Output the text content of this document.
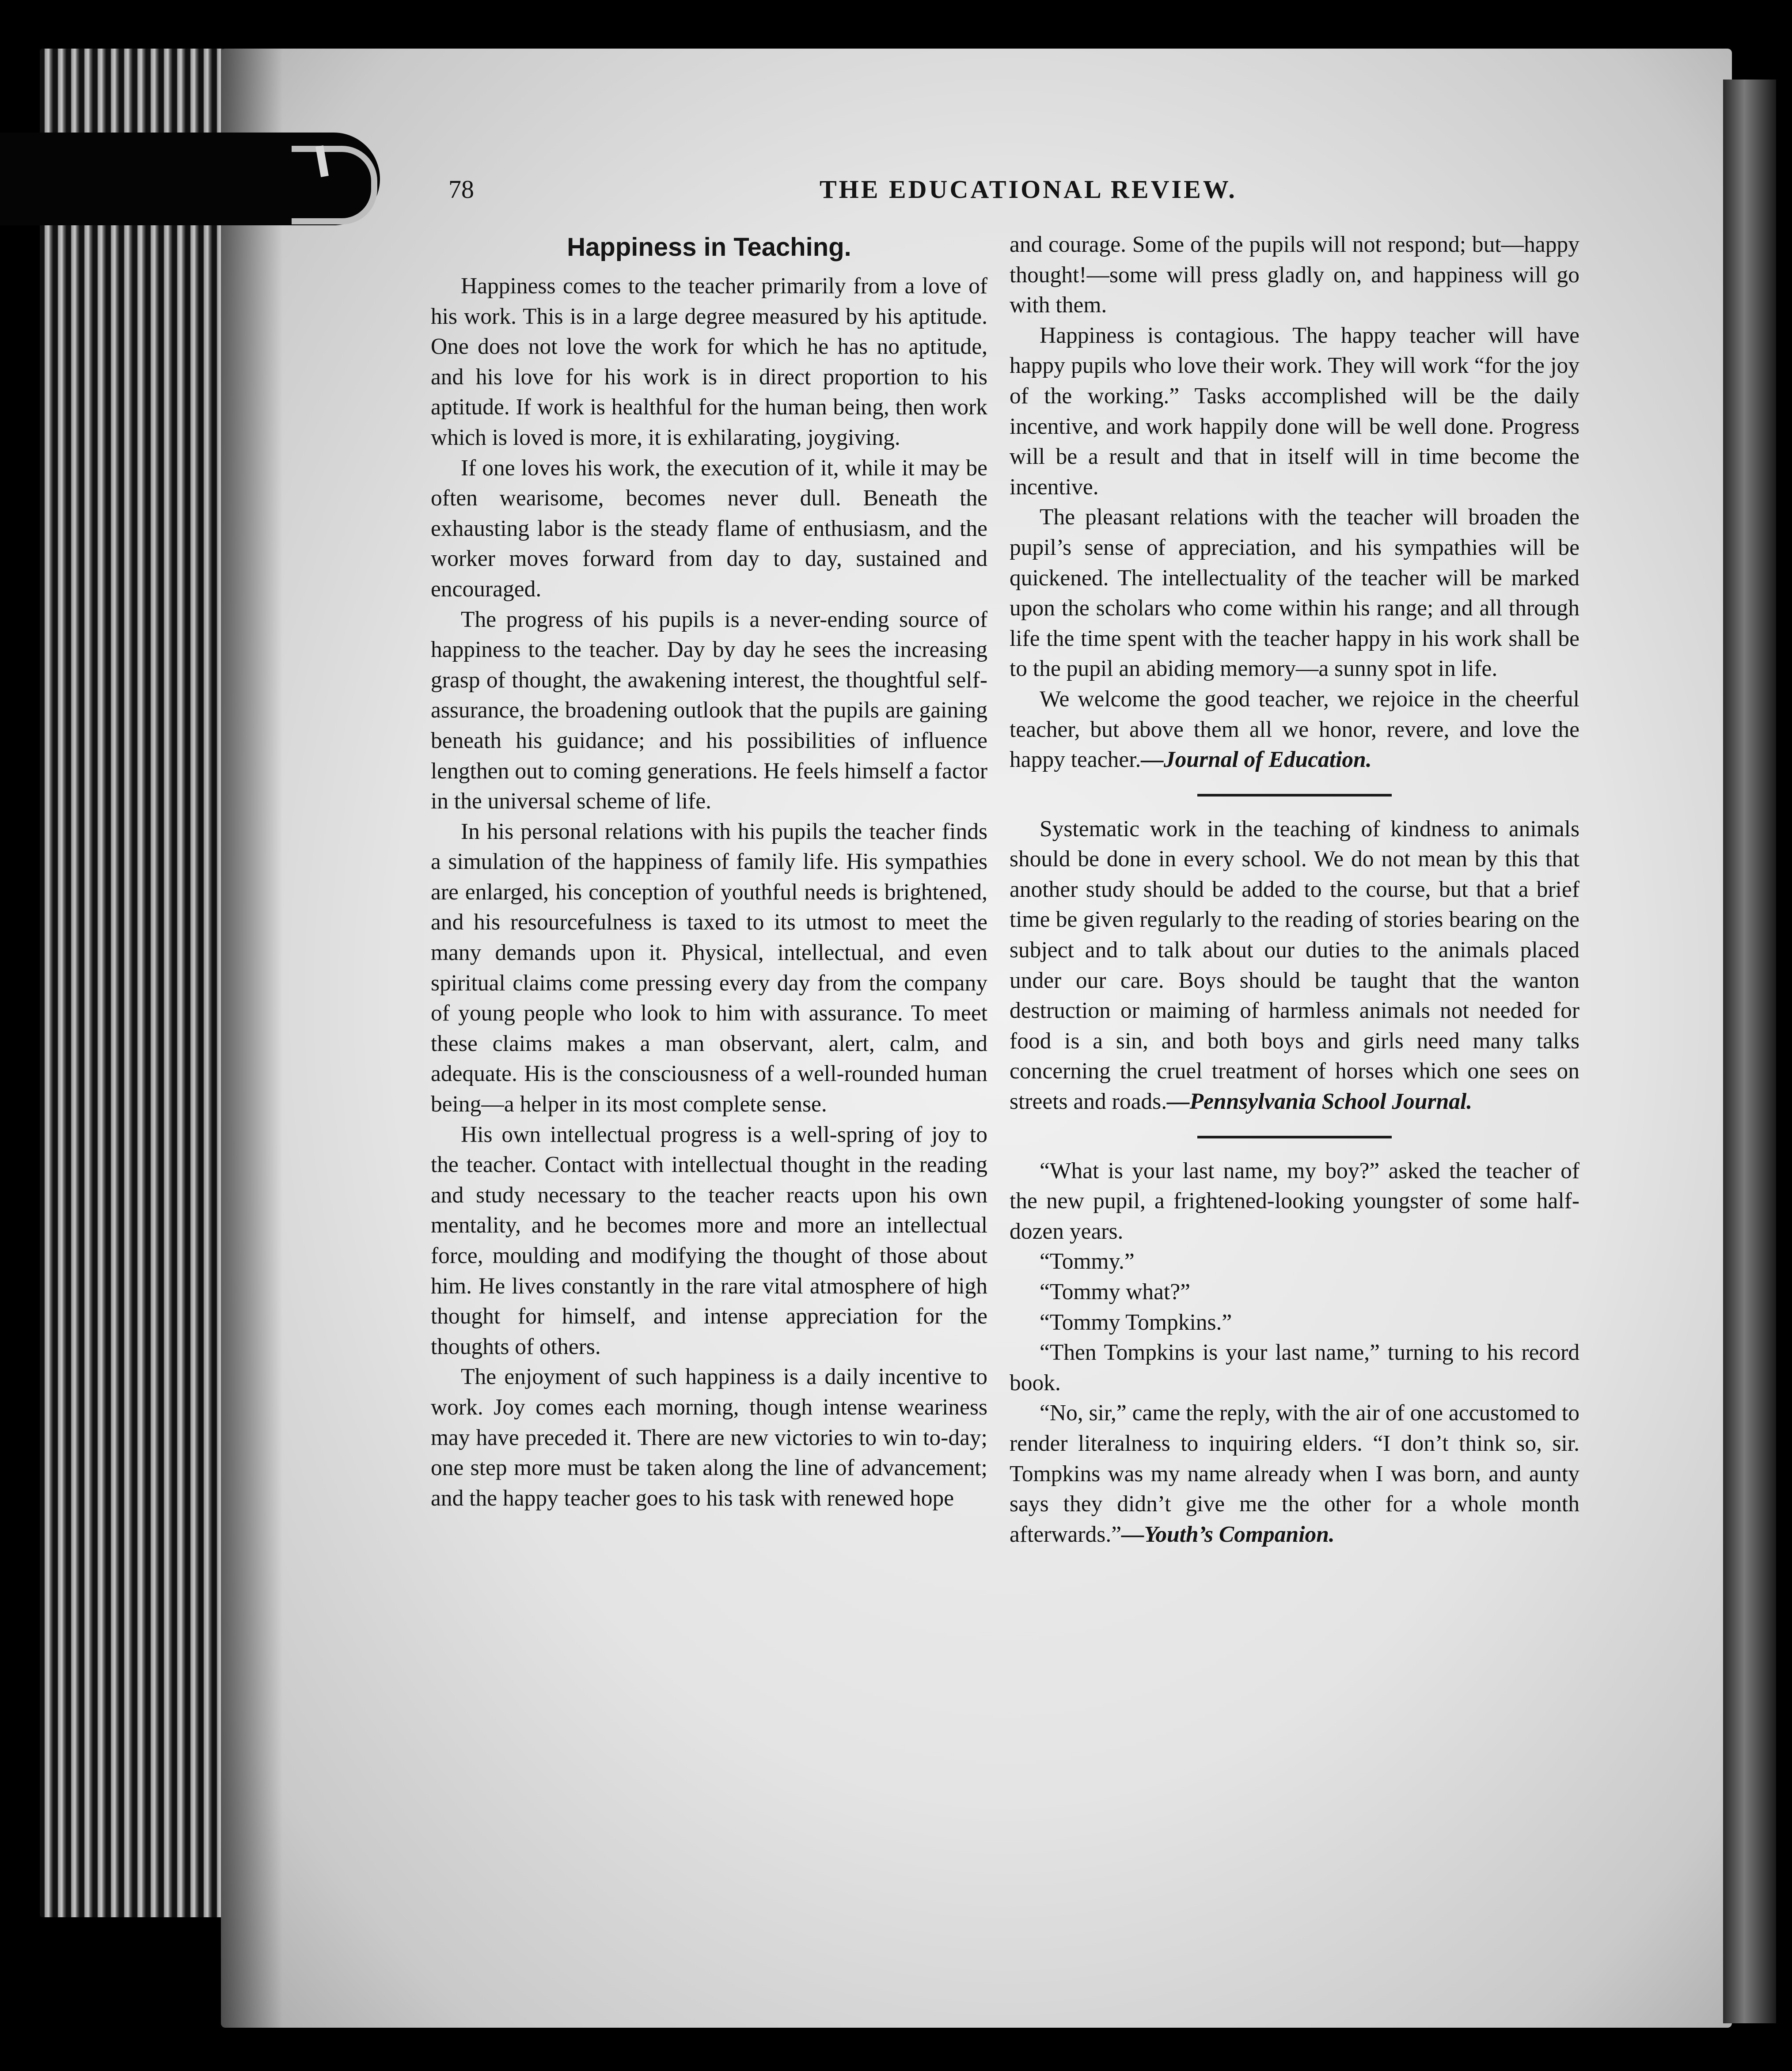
78	THE EDUCATIONAL REVIEW.
Happiness in Teaching.

Happiness comes to the teacher primarily from a love of his work. This is in a large degree measured by his aptitude. One does not love the work for which he has no aptitude, and his love for his work is in direct proportion to his aptitude. If work is healthful for the human being, then work which is loved is more, it is exhilarating, joygiving.

If one loves his work, the execution of it, while it may be often wearisome, becomes never dull. Beneath the exhausting labor is the steady flame of enthusiasm, and the worker moves forward from day to day, sustained and encouraged.

The progress of his pupils is a never-ending source of happiness to the teacher. Day by day he sees the increasing grasp of thought, the awakening interest, the thoughtful self-assurance, the broadening outlook that the pupils are gaining beneath his guidance; and his possibilities of influence lengthen out to coming generations. He feels himself a factor in the universal scheme of life.

In his personal relations with his pupils the teacher finds a simulation of the happiness of family life. His sympathies are enlarged, his conception of youthful needs is brightened, and his resourcefulness is taxed to its utmost to meet the many demands upon it. Physical, intellectual, and even spiritual claims come pressing every day from the company of young people who look to him with assurance. To meet these claims makes a man observant, alert, calm, and adequate. His is the consciousness of a well-rounded human being—a helper in its most complete sense.

His own intellectual progress is a well-spring of joy to the teacher. Contact with intellectual thought in the reading and study necessary to the teacher reacts upon his own mentality, and he becomes more and more an intellectual force, moulding and modifying the thought of those about him. He lives constantly in the rare vital atmosphere of high thought for himself, and intense appreciation for the thoughts of others.

The enjoyment of such happiness is a daily incentive to work. Joy comes each morning, though intense weariness may have preceded it. There are new victories to win to-day; one step more must be taken along the line of advancement; and the happy teacher goes to his task with renewed hope

and courage. Some of the pupils will not respond; but—happy thought!—some will press gladly on, and happiness will go with them.

Happiness is contagious. The happy teacher will have happy pupils who love their work. They will work “for the joy of the working.” Tasks accomplished will be the daily incentive, and work happily done will be well done. Progress will be a result and that in itself will in time become the incentive.

The pleasant relations with the teacher will broaden the pupil’s sense of appreciation, and his sympathies will be quickened. The intellectuality of the teacher will be marked upon the scholars who come within his range; and all through life the time spent with the teacher happy in his work shall be to the pupil an abiding memory—a sunny spot in life.

We welcome the good teacher, we rejoice in the cheerful teacher, but above them all we honor, revere, and love the happy teacher.—Journal of Education.

Systematic work in the teaching of kindness to animals should be done in every school. We do not mean by this that another study should be added to the course, but that a brief time be given regularly to the reading of stories bearing on the subject and to talk about our duties to the animals placed under our care. Boys should be taught that the wanton destruction or maiming of harmless animals not needed for food is a sin, and both boys and girls need many talks concerning the cruel treatment of horses which one sees on streets and roads.—Pennsylvania School Journal.

“What is your last name, my boy?” asked the teacher of the new pupil, a frightened-looking youngster of some half-dozen years.

“Tommy.”

“Tommy what?”

“Tommy Tompkins.”

“Then Tompkins is your last name,” turning to his record book.

“No, sir,” came the reply, with the air of one accustomed to render literalness to inquiring elders. “I don’t think so, sir. Tompkins was my name already when I was born, and aunty says they didn’t give me the other for a whole month afterwards.”—Youth’s Companion.
